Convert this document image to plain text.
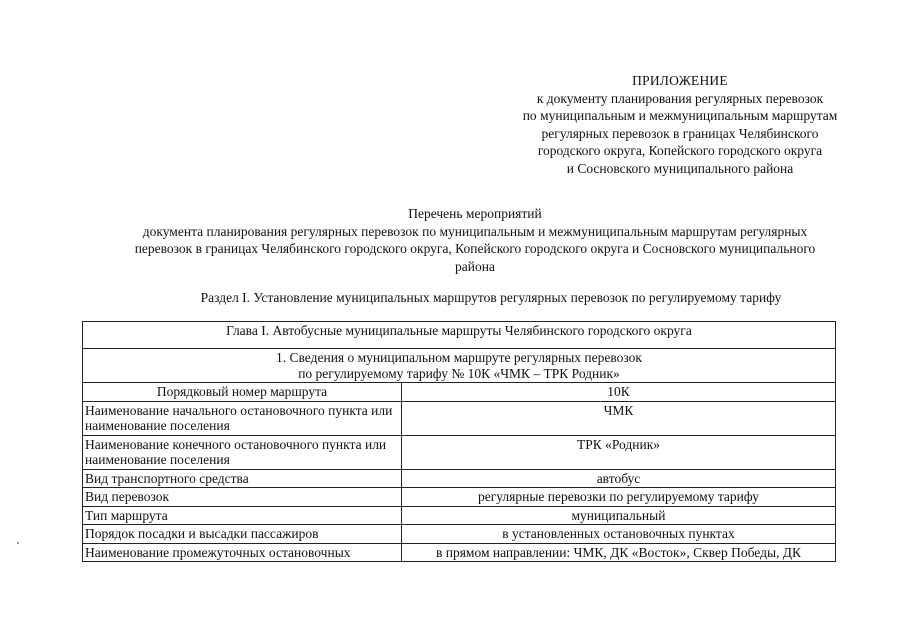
ПРИЛОЖЕНИЕ
к документу планирования регулярных перевозок
по муниципальным и межмуниципальным маршрутам
регулярных перевозок в границах Челябинского
городского округа, Копейского городского округа
и Сосновского муниципального района
Перечень мероприятий
документа планирования регулярных перевозок по муниципальным и межмуниципальным маршрутам регулярных
перевозок в границах Челябинского городского округа, Копейского городского округа и Сосновского муниципального
района
Раздел I. Установление муниципальных маршрутов регулярных перевозок по регулируемому тарифу
Глава I. Автобусные муниципальные маршруты Челябинского городского округа	

1. Сведения о муниципальном маршруте регулярных перевозок
по регулируемому тарифу № 10К «ЧМК – ТРК Родник»	

Порядковый номер маршрута	10К
Наименование начального остановочного пункта или наименование поселения	ЧМК
Наименование конечного остановочного пункта или наименование поселения	ТРК «Родник»
Вид транспортного средства	автобус
Вид перевозок	регулярные перевозки по регулируемому тарифу
Тип маршрута	муниципальный
Порядок посадки и высадки пассажиров	в установленных остановочных пунктах
Наименование промежуточных остановочных	в прямом направлении: ЧМК, ДК «Восток», Сквер Победы, ДК
